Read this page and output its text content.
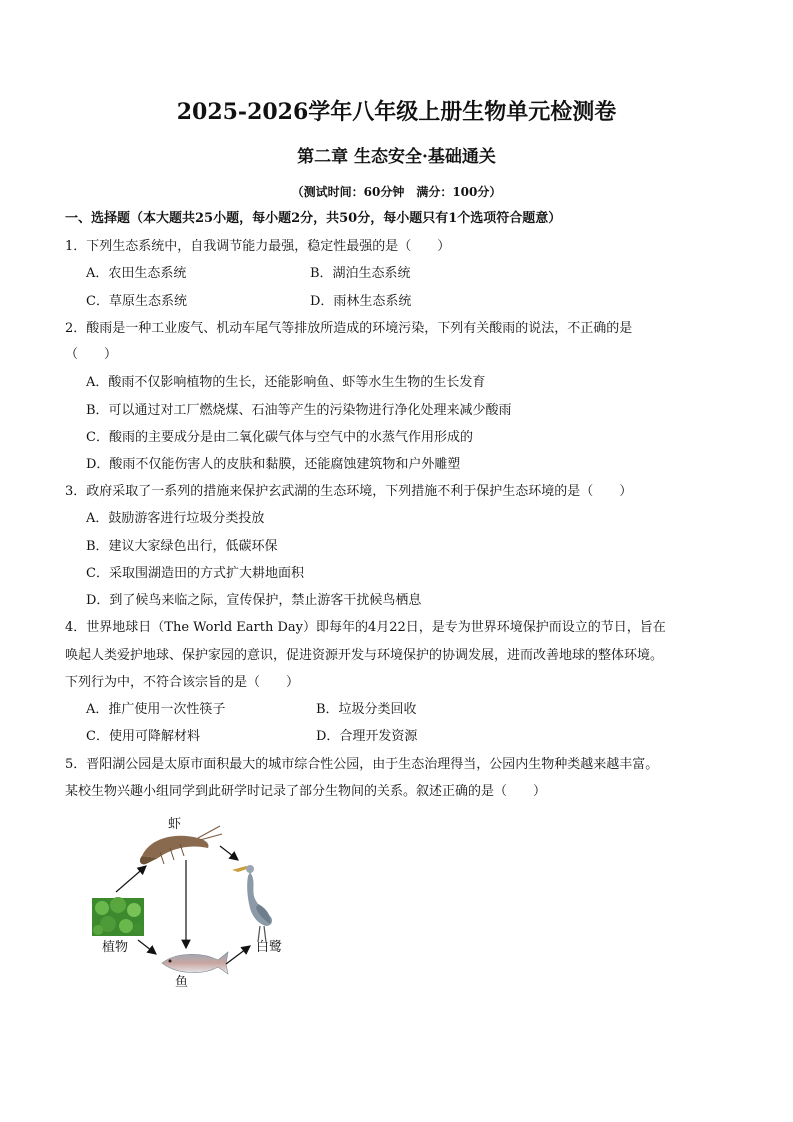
2025-2026学年八年级上册生物单元检测卷
第二章 生态安全·基础通关
（测试时间：60分钟　满分：100分）
一、选择题（本大题共25小题，每小题2分，共50分，每小题只有1个选项符合题意）
1．下列生态系统中，自我调节能力最强，稳定性最强的是（　　）
A．农田生态系统	B．湖泊生态系统
C．草原生态系统	D．雨林生态系统
2．酸雨是一种工业废气、机动车尾气等排放所造成的环境污染，下列有关酸雨的说法，不正确的是
（　　）
A．酸雨不仅影响植物的生长，还能影响鱼、虾等水生生物的生长发育
B．可以通过对工厂燃烧煤、石油等产生的污染物进行净化处理来减少酸雨
C．酸雨的主要成分是由二氧化碳气体与空气中的水蒸气作用形成的
D．酸雨不仅能伤害人的皮肤和黏膜，还能腐蚀建筑物和户外雕塑
3．政府采取了一系列的措施来保护玄武湖的生态环境，下列措施不利于保护生态环境的是（　　）
A．鼓励游客进行垃圾分类投放
B．建议大家绿色出行，低碳环保
C．采取围湖造田的方式扩大耕地面积
D．到了候鸟来临之际，宣传保护，禁止游客干扰候鸟栖息
4．世界地球日（The World Earth Day）即每年的4月22日，是专为世界环境保护而设立的节日，旨在
唤起人类爱护地球、保护家园的意识，促进资源开发与环境保护的协调发展，进而改善地球的整体环境。
下列行为中，不符合该宗旨的是（　　）
A．推广使用一次性筷子	B．垃圾分类回收
C．使用可降解材料	D．合理开发资源
5．晋阳湖公园是太原市面积最大的城市综合性公园，由于生态治理得当，公园内生物种类越来越丰富。
某校生物兴趣小组同学到此研学时记录了部分生物间的关系。叙述正确的是（　　）
虾
植物
鱼
白鹭
